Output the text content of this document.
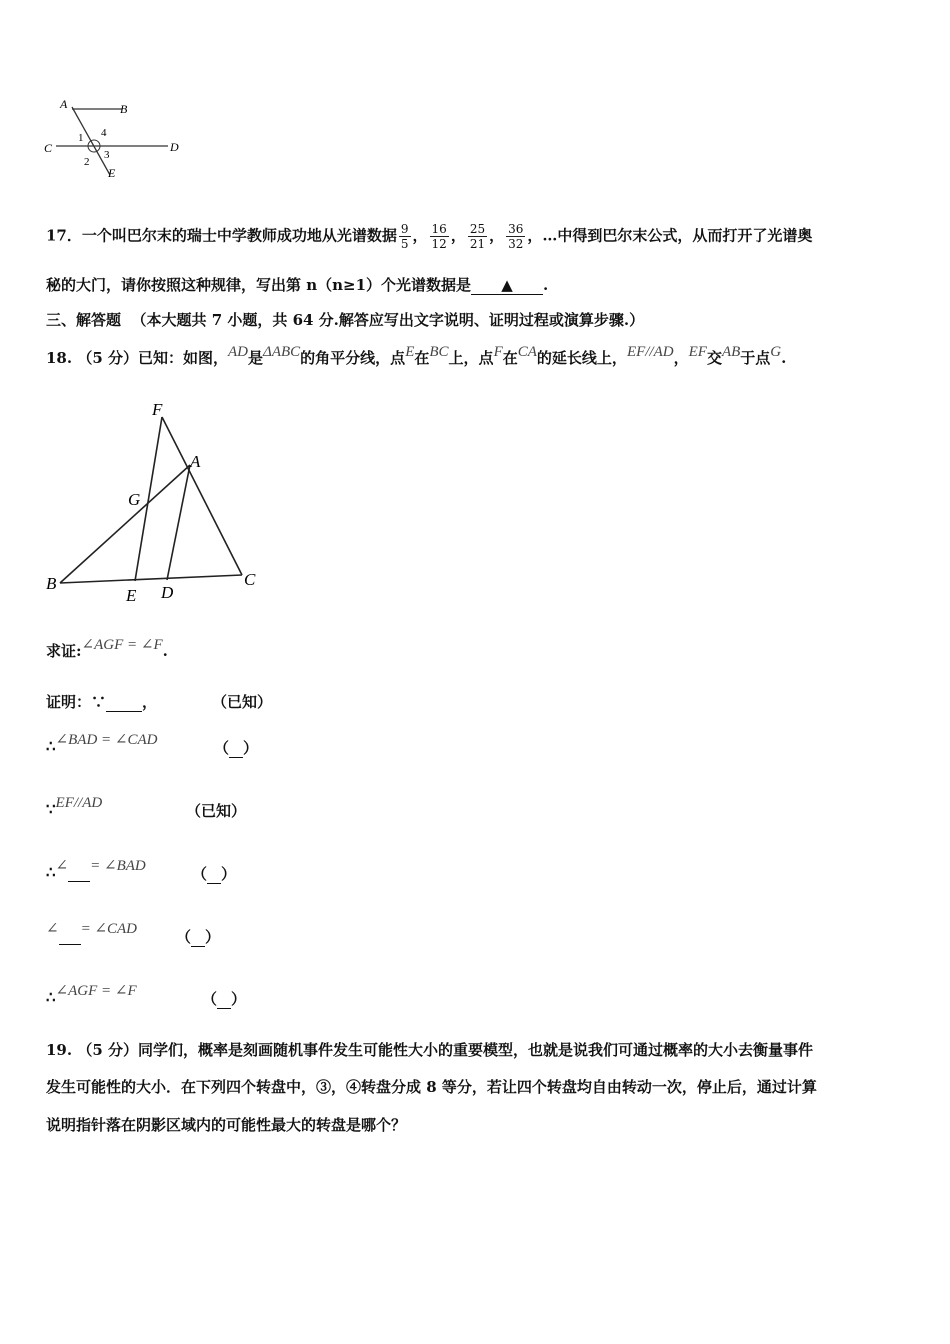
A	B
C	D
E
1 4
2
3
17．一个叫巴尔末的瑞士中学教师成功地从光谱数据 $\frac{9}{5}$ ， $\frac{16}{12}$ ， $\frac{25}{21}$ ， $\frac{36}{32}$ ，…中得到巴尔末公式，从而打开了光谱奥
秘的大门，请你按照这种规律，写出第 n（n≥1）个光谱数据是 ▲ .
三、解答题 （本大题共 7 小题，共 64 分.解答应写出文字说明、证明过程或演算步骤.）
18. （5 分）已知：如图，AD是ΔABC的角平分线，点E在BC上，点F在CA的延长线上，EF//AD，EF交AB于点G.
F
A
G
B
E D
C
求证:∠AGF = ∠F.
证明：∵ ，	（已知）
∴∠BAD = ∠CAD	（ ）
∵EF//AD	（已知）
∴∠ = ∠BAD	（ ）
∠ = ∠CAD	（ ）
∴∠AGF = ∠F	（ ）
19. （5 分）同学们，概率是刻画随机事件发生可能性大小的重要模型，也就是说我们可通过概率的大小去衡量事件
发生可能性的大小．在下列四个转盘中，③，④转盘分成 8 等分，若让四个转盘均自由转动一次，停止后，通过计算
说明指针落在阴影区域内的可能性最大的转盘是哪个？
